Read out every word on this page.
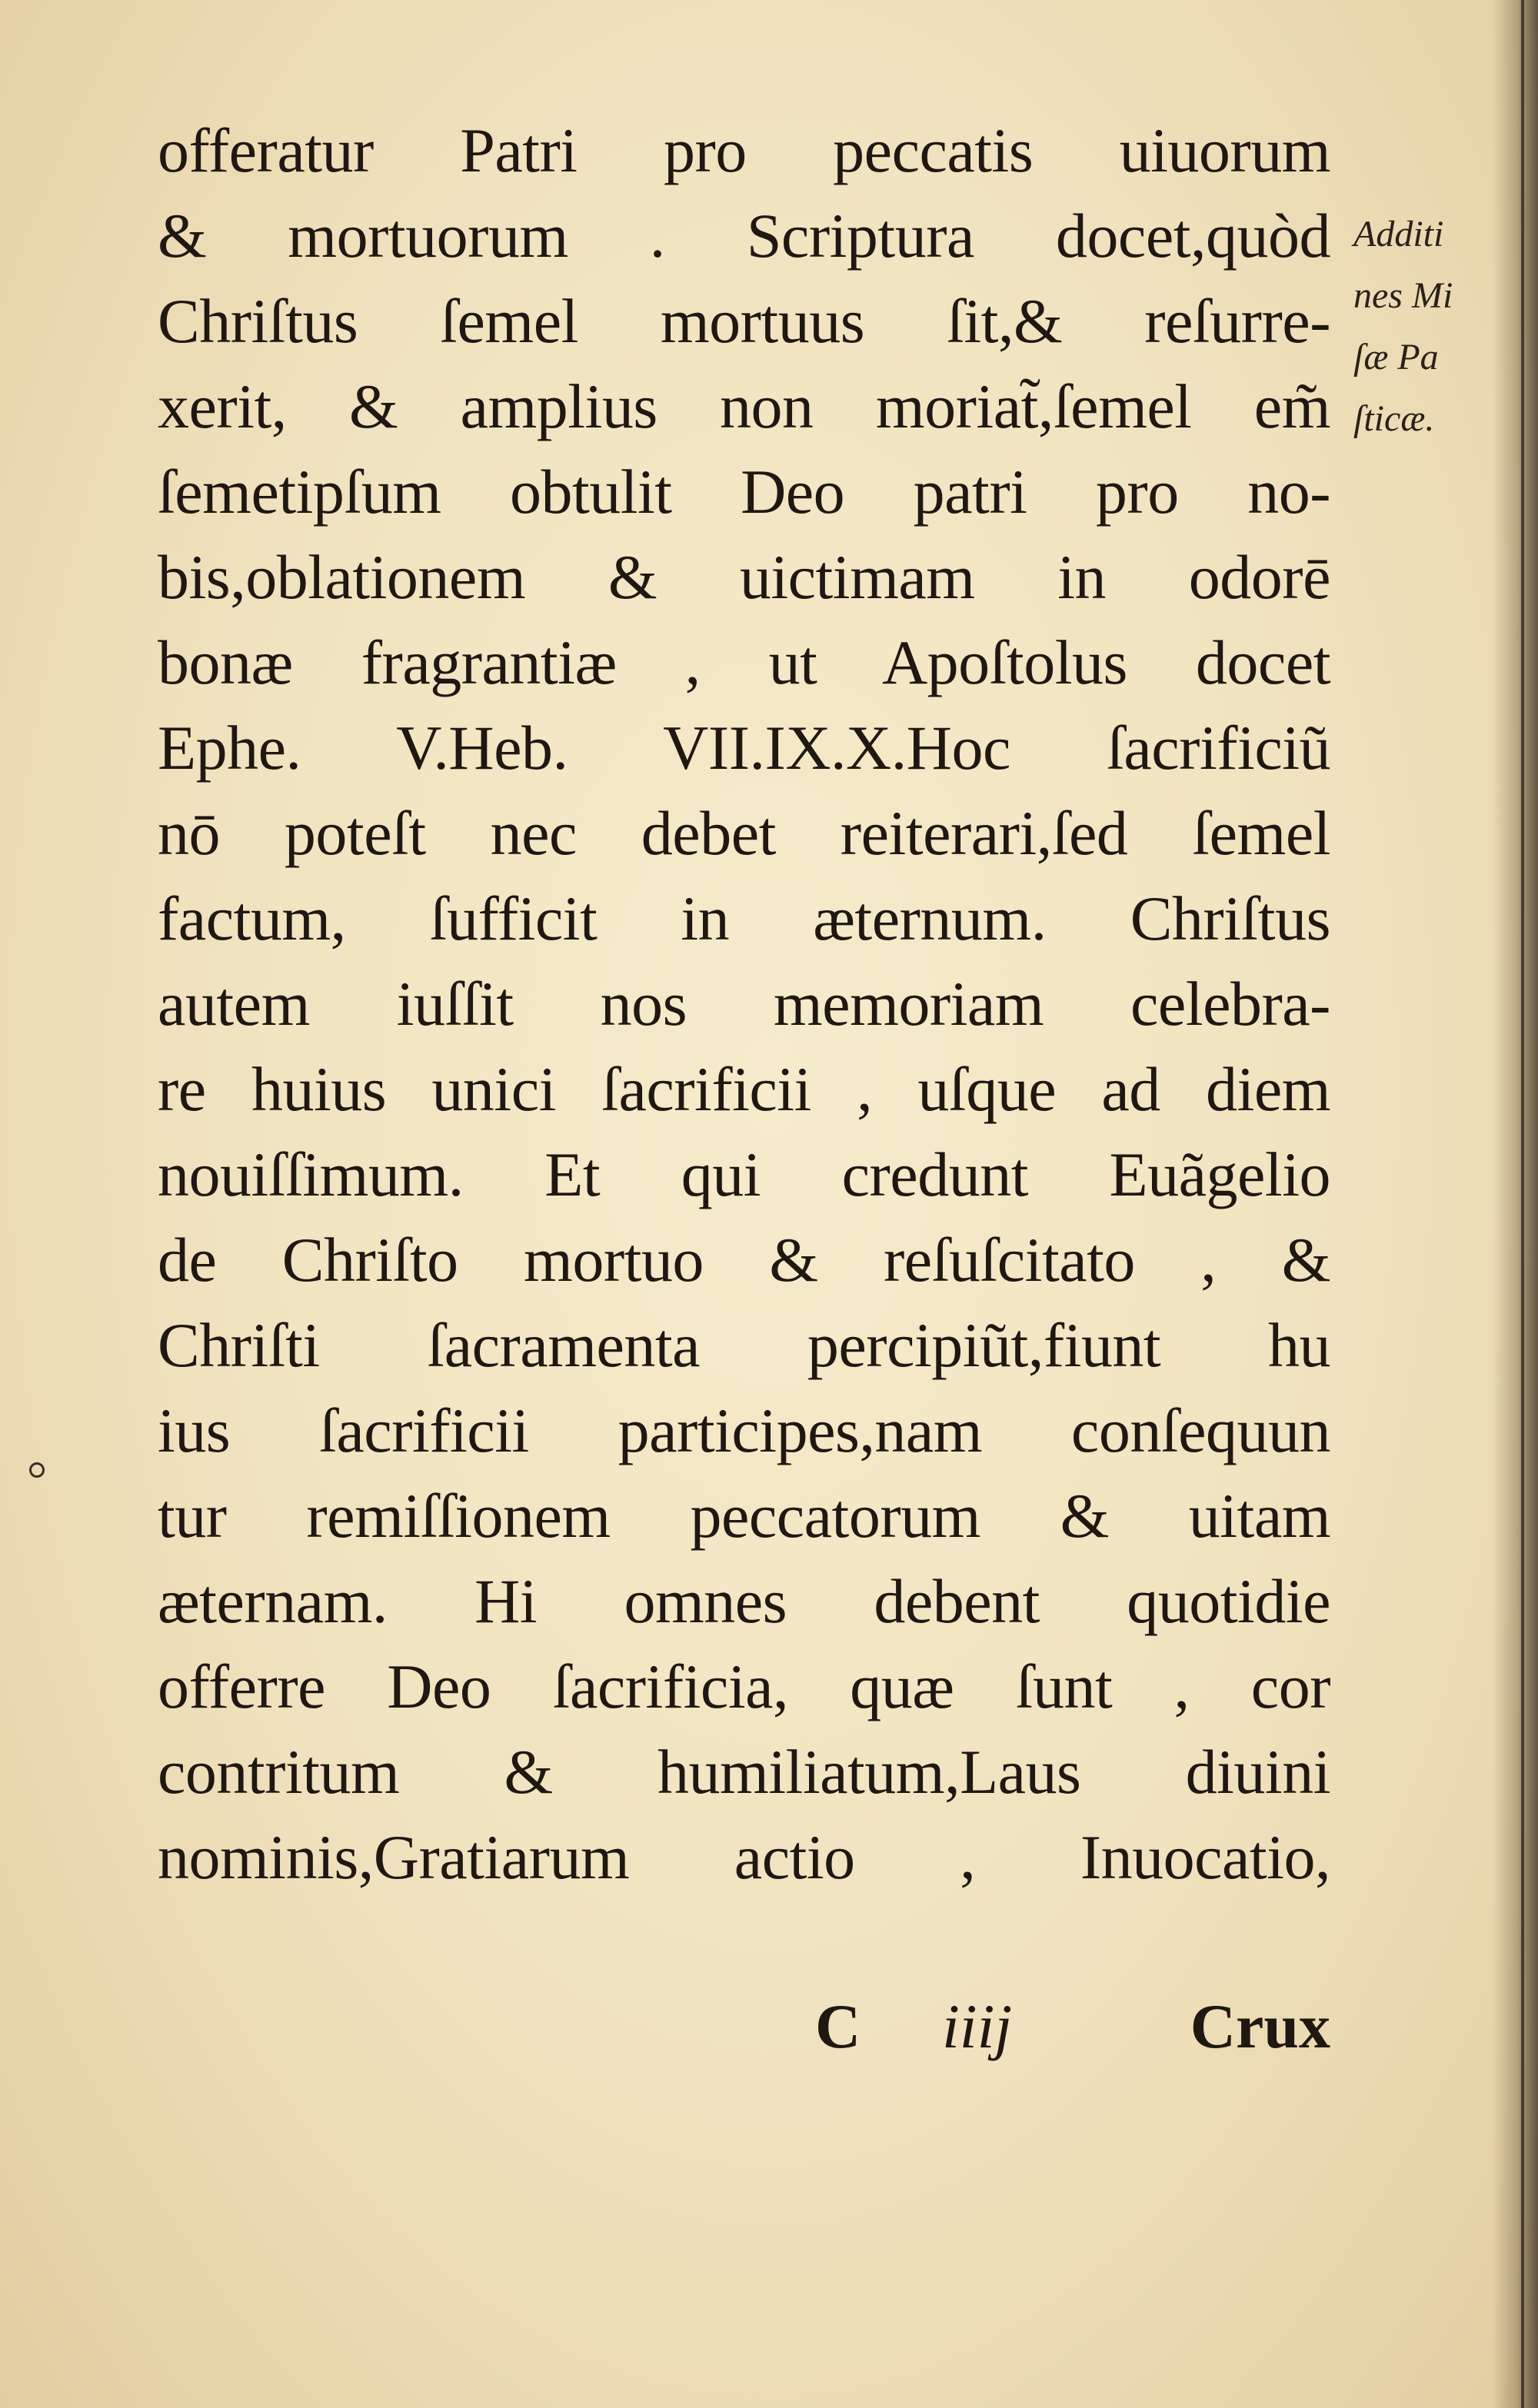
offeratur Patri pro peccatis uiuorum
& mortuorum . Scriptura docet,quòd
Chriſtus ſemel mortuus ſit,& reſurre-
xerit, & amplius non moriat̃,ſemel em̃
ſemetipſum obtulit Deo patri pro no-
bis,oblationem & uictimam in odorē
bonæ fragrantiæ , ut Apoſtolus docet
Ephe. V.Heb. VII.IX.X.Hoc ſacrificiũ
nō poteſt nec debet reiterari,ſed ſemel
factum, ſufficit in æternum. Chriſtus
autem iuſſit nos memoriam celebra-
re huius unici ſacrificii , uſque ad diem
nouiſſimum. Et qui credunt Euãgelio
de Chriſto mortuo & reſuſcitato , &
Chriſti ſacramenta percipiũt,fiunt hu
ius ſacrificii participes,nam conſequun
tur remiſſionem peccatorum & uitam
æternam. Hi omnes debent quotidie
offerre Deo ſacrificia, quæ ſunt , cor
contritum & humiliatum,Laus diuini
nominis,Gratiarum actio , Inuocatio,
C iiij	Crux
Additi
nes Mi
ſæ Pa
ſticæ.
